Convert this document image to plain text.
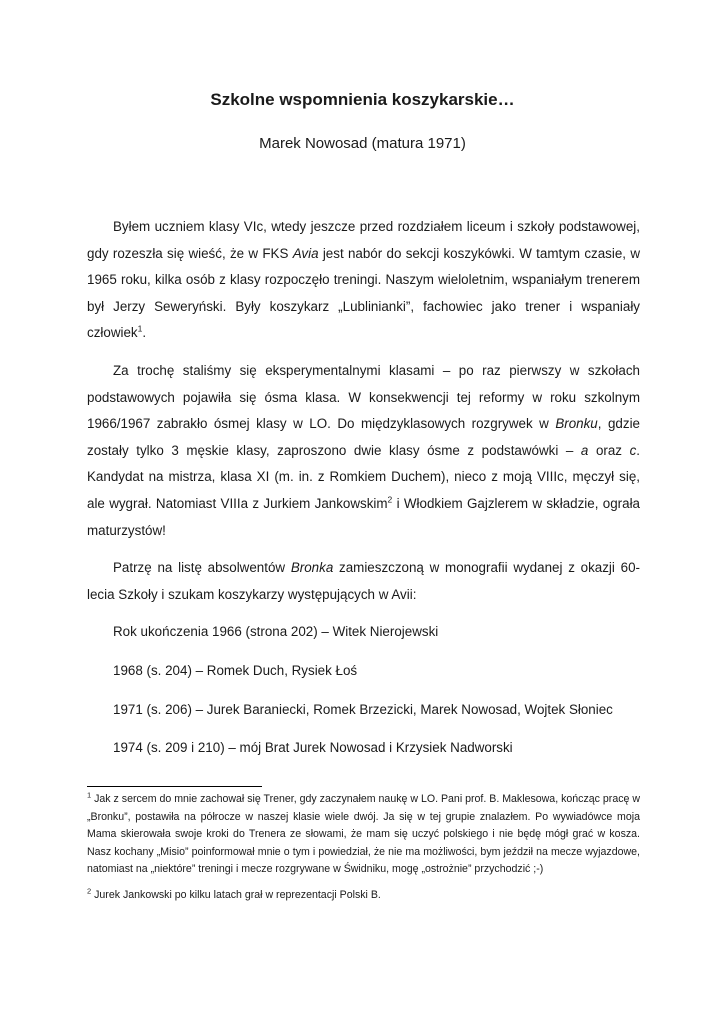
Szkolne wspomnienia koszykarskie…
Marek Nowosad (matura 1971)

Byłem uczniem klasy VIc, wtedy jeszcze przed rozdziałem liceum i szkoły podstawowej, gdy rozeszła się wieść, że w FKS Avia jest nabór do sekcji koszykówki. W tamtym czasie, w 1965 roku, kilka osób z klasy rozpoczęło treningi. Naszym wieloletnim, wspaniałym trenerem był Jerzy Seweryński. Były koszykarz „Lublinianki”, fachowiec jako trener i wspaniały człowiek$^1$.

Za trochę staliśmy się eksperymentalnymi klasami – po raz pierwszy w szkołach podstawowych pojawiła się ósma klasa. W konsekwencji tej reformy w roku szkolnym 1966/1967 zabrakło ósmej klasy w LO. Do międzyklasowych rozgrywek w Bronku, gdzie zostały tylko 3 męskie klasy, zaproszono dwie klasy ósme z podstawówki – a oraz c. Kandydat na mistrza, klasa XI (m. in. z Romkiem Duchem), nieco z moją VIIIc, męczył się, ale wygrał. Natomiast VIIIa z Jurkiem Jankowskim$^2$ i Włodkiem Gajzlerem w składzie, ograła maturzystów!

Patrzę na listę absolwentów Bronka zamieszczoną w monografii wydanej z okazji 60-lecia Szkoły i szukam koszykarzy występujących w Avii:

Rok ukończenia 1966 (strona 202) – Witek Nierojewski

1968 (s. 204) – Romek Duch, Rysiek Łoś

1971 (s. 206) – Jurek Baraniecki, Romek Brzezicki, Marek Nowosad, Wojtek Słoniec

1974 (s. 209 i 210) – mój Brat Jurek Nowosad i Krzysiek Nadworski

$^1$ Jak z sercem do mnie zachował się Trener, gdy zaczynałem naukę w LO. Pani prof. B. Maklesowa, kończąc pracę w „Bronku”, postawiła na półrocze w naszej klasie wiele dwój. Ja się w tej grupie znalazłem. Po wywiadówce moja Mama skierowała swoje kroki do Trenera ze słowami, że mam się uczyć polskiego i nie będę mógł grać w kosza. Nasz kochany „Misio” poinformował mnie o tym i powiedział, że nie ma możliwości, bym jeździł na mecze wyjazdowe, natomiast na „niektóre” treningi i mecze rozgrywane w Świdniku, mogę „ostrożnie” przychodzić ;-)

$^2$ Jurek Jankowski po kilku latach grał w reprezentacji Polski B.
